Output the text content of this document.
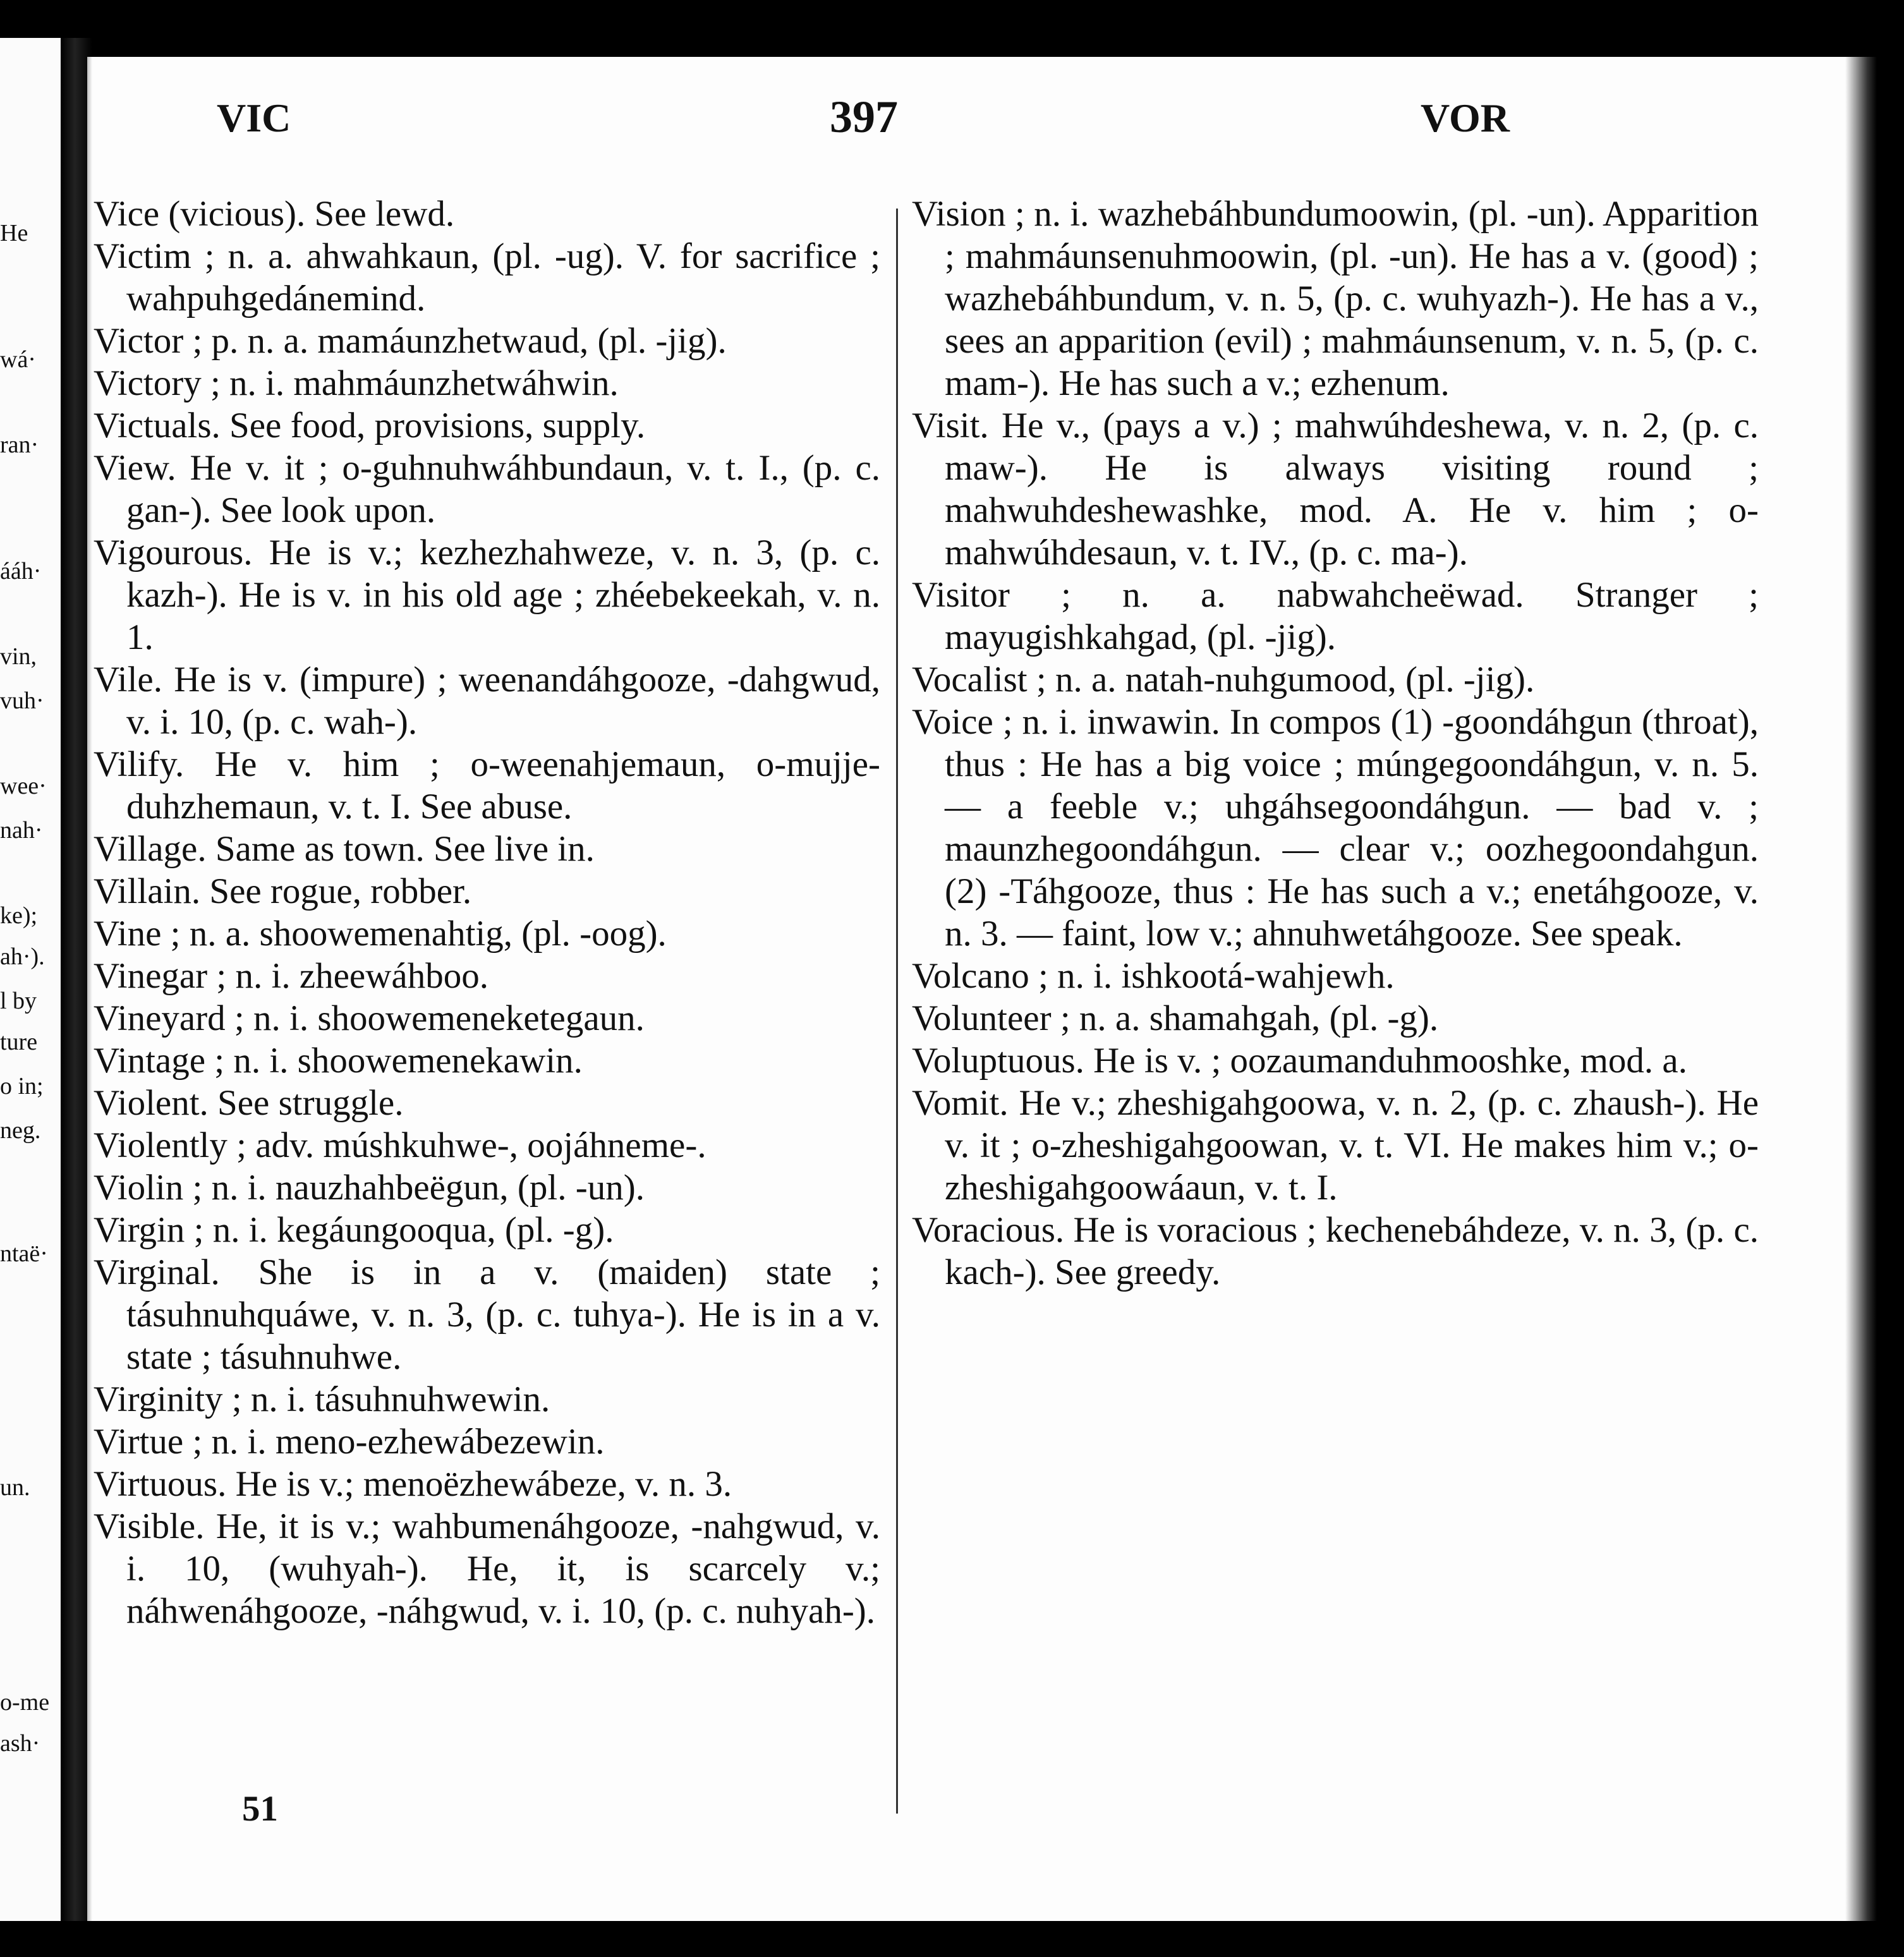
He
wá·
ran·
ááh·
vin,
vuh·
wee·
nah·
ke);
ah·).
l by
ture
o in;
neg.
ntaë·
un.
o-me
ash·
VIC	397	VOR

Vice (vicious). See lewd.

Victim ; n. a. ahwahkaun, (pl. -ug). V. for sacrifice ; wahpuhgedánemind.

Victor ; p. n. a. mamáunzhetwaud, (pl. -jig).

Victory ; n. i. mahmáunzhetwáhwin.

Victuals. See food, provisions, supply.

View. He v. it ; o-guhnuhwáhbundaun, v. t. I., (p. c. gan-). See look upon.

Vigourous. He is v.; kezhezhahweze, v. n. 3, (p. c. kazh-). He is v. in his old age ; zhéebekeekah, v. n. 1.

Vile. He is v. (impure) ; weenandáhgooze, -dahgwud, v. i. 10, (p. c. wah-).

Vilify. He v. him ; o-weenahjemaun, o-mujje-duhzhemaun, v. t. I. See abuse.

Village. Same as town. See live in.

Villain. See rogue, robber.

Vine ; n. a. shoowemenahtig, (pl. -oog).

Vinegar ; n. i. zheewáhboo.

Vineyard ; n. i. shoowemeneketegaun.

Vintage ; n. i. shoowemenekawin.

Violent. See struggle.

Violently ; adv. múshkuhwe-, oojáhneme-.

Violin ; n. i. nauzhahbeëgun, (pl. -un).

Virgin ; n. i. kegáungooqua, (pl. -g).

Virginal. She is in a v. (maiden) state ; tásuhnuhquáwe, v. n. 3, (p. c. tuhya-). He is in a v. state ; tásuhnuhwe.

Virginity ; n. i. tásuhnuhwewin.

Virtue ; n. i. meno-ezhewábezewin.

Virtuous. He is v.; menoëzhewábeze, v. n. 3.

Visible. He, it is v.; wahbumenáhgooze, -nahgwud, v. i. 10, (wuhyah-). He, it, is scarcely v.; náhwenáhgooze, -náhgwud, v. i. 10, (p. c. nuhyah-).

Vision ; n. i. wazhebáhbundumoowin, (pl. -un). Apparition ; mahmáunsenuhmoowin, (pl. -un). He has a v. (good) ; wazhebáhbundum, v. n. 5, (p. c. wuhyazh-). He has a v., sees an apparition (evil) ; mahmáunsenum, v. n. 5, (p. c. mam-). He has such a v.; ezhenum.

Visit. He v., (pays a v.) ; mahwúhdeshewa, v. n. 2, (p. c. maw-). He is always visiting round ; mahwuhdeshewashke, mod. A. He v. him ; o-mahwúhdesaun, v. t. IV., (p. c. ma-).

Visitor ; n. a. nabwahcheëwad. Stranger ; mayugishkahgad, (pl. -jig).

Vocalist ; n. a. natah-nuhgumood, (pl. -jig).

Voice ; n. i. inwawin. In compos (1) -goondáhgun (throat), thus : He has a big voice ; múngegoondáhgun, v. n. 5. — a feeble v.; uhgáhsegoondáhgun. — bad v. ; maunzhegoondáhgun. — clear v.; oozhegoondahgun. (2) -Táhgooze, thus : He has such a v.; enetáhgooze, v. n. 3. — faint, low v.; ahnuhwetáhgooze. See speak.

Volcano ; n. i. ishkootá-wahjewh.

Volunteer ; n. a. shamahgah, (pl. -g).

Voluptuous. He is v. ; oozaumanduhmooshke, mod. a.

Vomit. He v.; zheshigahgoowa, v. n. 2, (p. c. zhaush-). He v. it ; o-zheshigahgoowan, v. t. VI. He makes him v.; o-zheshigahgoowáaun, v. t. I.

Voracious. He is voracious ; kechenebáhdeze, v. n. 3, (p. c. kach-). See greedy.

51
